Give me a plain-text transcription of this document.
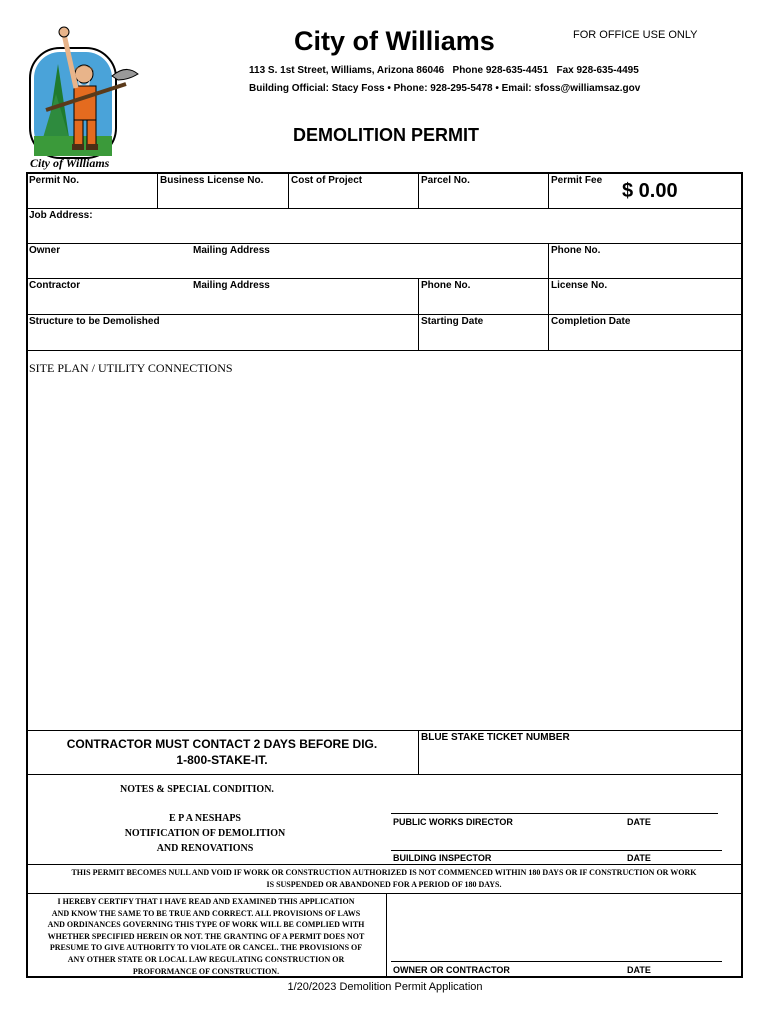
City of Williams
City of Williams	FOR OFFICE USE ONLY
113 S. 1st Street, Williams, Arizona 86046   Phone 928-635-4451   Fax 928-635-4495
Building Official: Stacy Foss • Phone: 928-295-5478 • Email: sfoss@williamsaz.gov
DEMOLITION PERMIT
Permit No.	Business License No.	Cost of Project	Parcel No.	Permit Fee $ 0.00
Job Address:
Owner	Mailing Address	Phone No.
Contractor	Mailing Address	Phone No.	License No.
Structure to be Demolished	Starting Date	Completion Date
SITE PLAN / UTILITY CONNECTIONS
CONTRACTOR MUST CONTACT 2 DAYS BEFORE DIG.
1-800-STAKE-IT.
BLUE STAKE TICKET NUMBER
NOTES & SPECIAL CONDITION.
E P A NESHAPS
NOTIFICATION OF DEMOLITION
AND RENOVATIONS
PUBLIC WORKS DIRECTOR	DATE
BUILDING INSPECTOR	DATE
THIS PERMIT BECOMES NULL AND VOID IF WORK OR CONSTRUCTION AUTHORIZED IS NOT COMMENCED WITHIN 180 DAYS OR IF CONSTRUCTION OR WORK
IS SUSPENDED OR ABANDONED FOR A PERIOD OF 180 DAYS.
I HEREBY CERTIFY THAT I HAVE READ AND EXAMINED THIS APPLICATION
AND KNOW THE SAME TO BE TRUE AND CORRECT. ALL PROVISIONS OF LAWS
AND ORDINANCES GOVERNING THIS TYPE OF WORK WILL BE COMPLIED WITH
WHETHER SPECIFIED HEREIN OR NOT. THE GRANTING OF A PERMIT DOES NOT
PRESUME TO GIVE AUTHORITY TO VIOLATE OR CANCEL. THE PROVISIONS OF
ANY OTHER STATE OR LOCAL LAW REGULATING CONSTRUCTION OR
PROFORMANCE OF CONSTRUCTION.	OWNER OR CONTRACTOR	DATE
1/20/2023 Demolition Permit Application
